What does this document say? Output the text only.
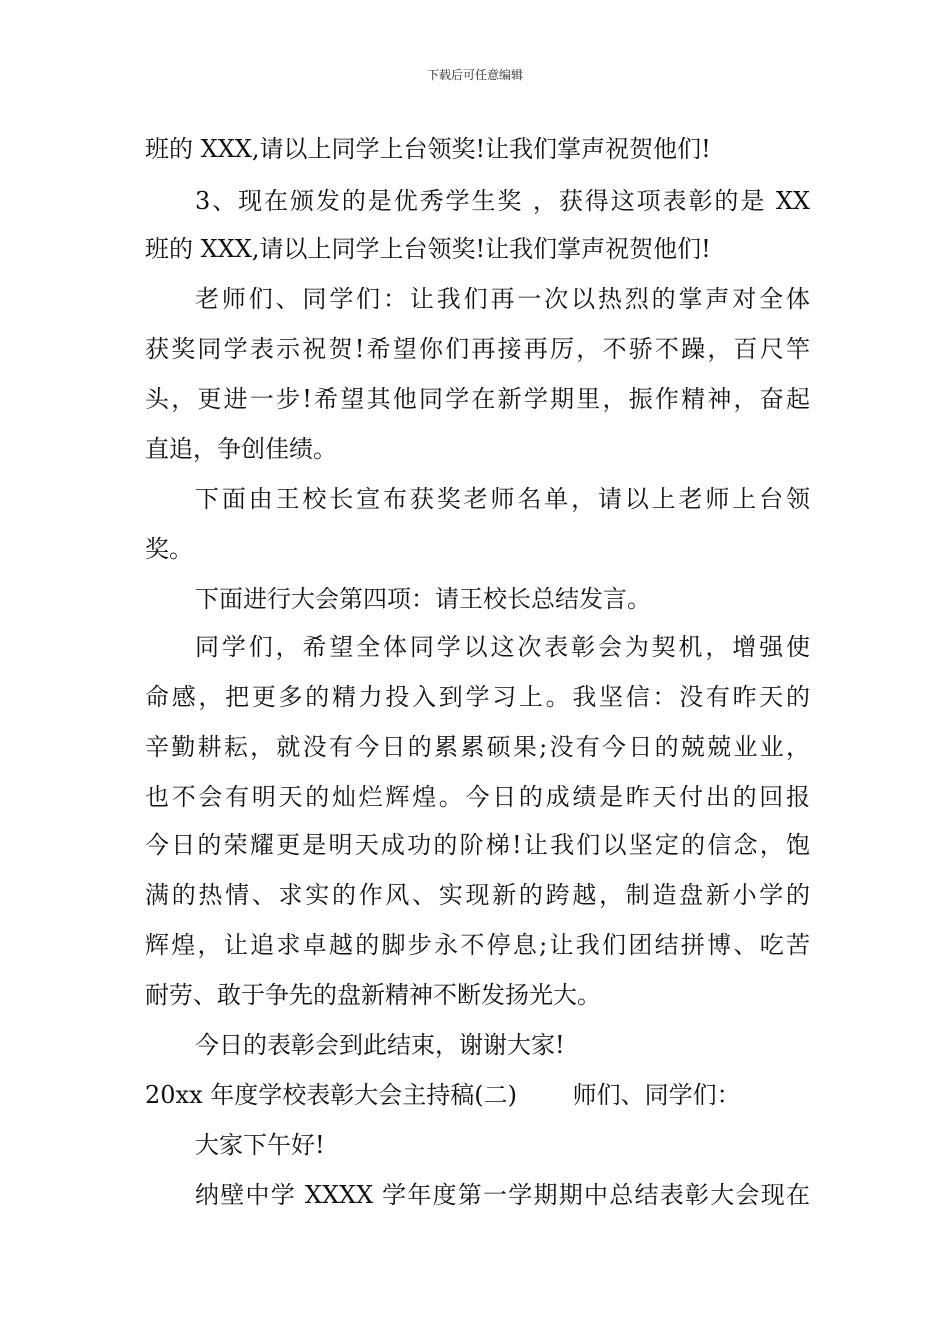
下载后可任意编辑
班的 XXX,请以上同学上台领奖!让我们掌声祝贺他们!
3、现在颁发的是优秀学生奖 ，获得这项表彰的是 XX
班的 XXX,请以上同学上台领奖!让我们掌声祝贺他们!
老师们、同学们：让我们再一次以热烈的掌声对全体
获奖同学表示祝贺!希望你们再接再厉，不骄不躁，百尺竿
头，更进一步!希望其他同学在新学期里，振作精神，奋起
直追，争创佳绩。
下面由王校长宣布获奖老师名单，请以上老师上台领
奖。
下面进行大会第四项：请王校长总结发言。
同学们，希望全体同学以这次表彰会为契机，增强使
命感，把更多的精力投入到学习上。我坚信：没有昨天的
辛勤耕耘，就没有今日的累累硕果;没有今日的兢兢业业，
也不会有明天的灿烂辉煌。今日的成绩是昨天付出的回报
今日的荣耀更是明天成功的阶梯!让我们以坚定的信念，饱
满的热情、求实的作风、实现新的跨越，制造盘新小学的
辉煌，让追求卓越的脚步永不停息;让我们团结拼博、吃苦
耐劳、敢于争先的盘新精神不断发扬光大。
今日的表彰会到此结束，谢谢大家!
20xx 年度学校表彰大会主持稿(二)　　 师们、同学们：
大家下午好!
纳壁中学 XXXX 学年度第一学期期中总结表彰大会现在
